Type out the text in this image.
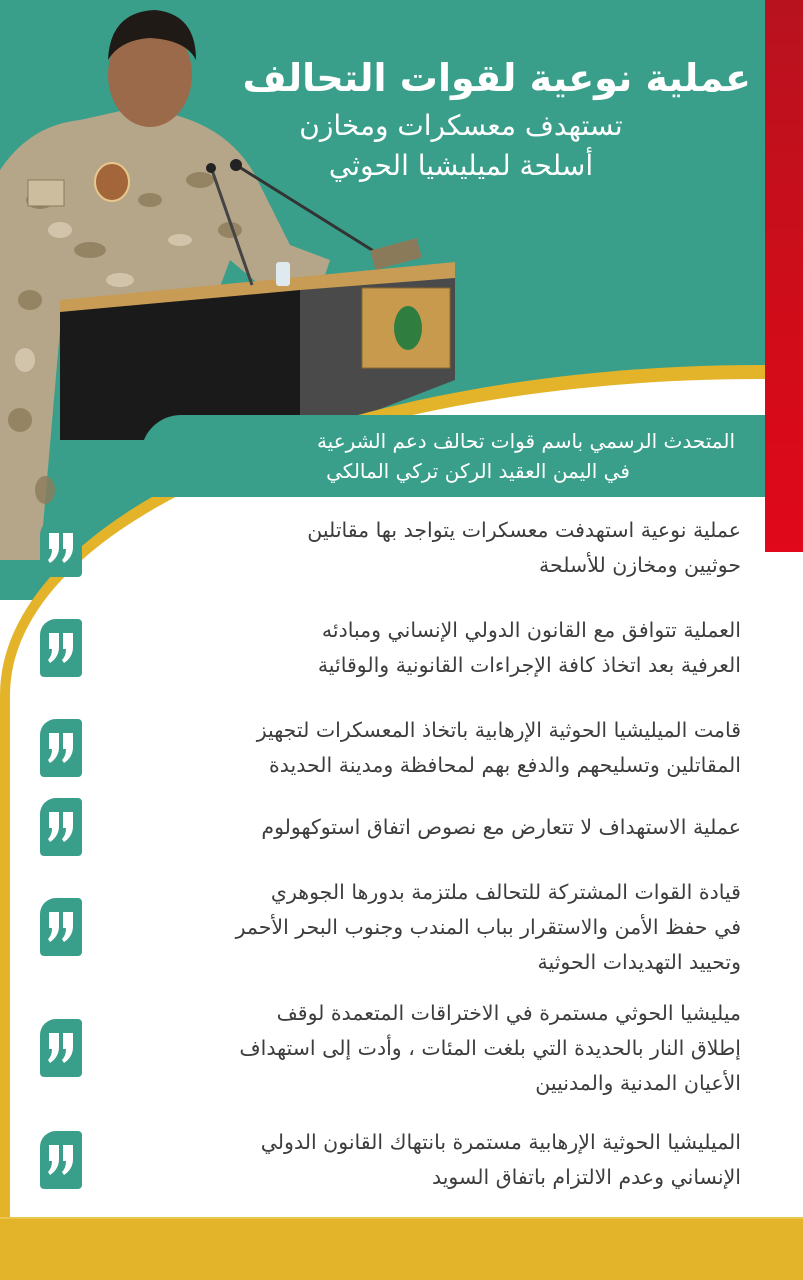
عملية نوعية لقوات التحالف
تستهدف معسكرات ومخازن
أسلحة لميليشيا الحوثي
المتحدث الرسمي باسم قوات تحالف دعم الشرعية
في اليمن العقيد الركن تركي المالكي
عملية نوعية استهدفت معسكرات يتواجد بها مقاتلين
حوثيين ومخازن للأسلحة
العملية تتوافق مع القانون الدولي الإنساني ومبادئه
العرفية بعد اتخاذ كافة الإجراءات القانونية والوقائية
قامت الميليشيا الحوثية الإرهابية باتخاذ المعسكرات لتجهيز
المقاتلين وتسليحهم والدفع بهم لمحافظة ومدينة الحديدة
عملية الاستهداف لا تتعارض مع نصوص اتفاق استوكهولوم
قيادة القوات المشتركة للتحالف ملتزمة بدورها الجوهري
في حفظ الأمن والاستقرار بباب المندب وجنوب البحر الأحمر
وتحييد التهديدات الحوثية
ميليشيا الحوثي مستمرة في الاختراقات المتعمدة لوقف
إطلاق النار بالحديدة التي بلغت المئات ، وأدت إلى استهداف
الأعيان المدنية والمدنيين
الميليشيا الحوثية الإرهابية مستمرة بانتهاك القانون الدولي
الإنساني وعدم الالتزام باتفاق السويد
